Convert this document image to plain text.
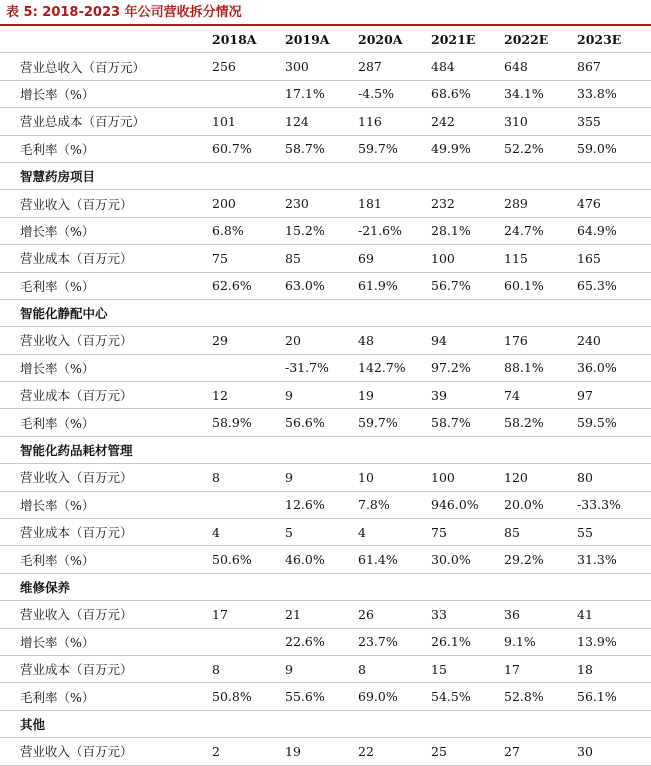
表 5: 2018-2023 年公司营收拆分情况
	2018A	2019A	2020A	2021E	2022E	2023E
营业总收入（百万元）	256	300	287	484	648	867
增长率（%）		17.1%	-4.5%	68.6%	34.1%	33.8%
营业总成本（百万元）	101	124	116	242	310	355
毛利率（%）	60.7%	58.7%	59.7%	49.9%	52.2%	59.0%
智慧药房项目						
营业收入（百万元）	200	230	181	232	289	476
增长率（%）	6.8%	15.2%	-21.6%	28.1%	24.7%	64.9%
营业成本（百万元）	75	85	69	100	115	165
毛利率（%）	62.6%	63.0%	61.9%	56.7%	60.1%	65.3%
智能化静配中心						
营业收入（百万元）	29	20	48	94	176	240
增长率（%）		-31.7%	142.7%	97.2%	88.1%	36.0%
营业成本（百万元）	12	9	19	39	74	97
毛利率（%）	58.9%	56.6%	59.7%	58.7%	58.2%	59.5%
智能化药品耗材管理						
营业收入（百万元）	8	9	10	100	120	80
增长率（%）		12.6%	7.8%	946.0%	20.0%	-33.3%
营业成本（百万元）	4	5	4	75	85	55
毛利率（%）	50.6%	46.0%	61.4%	30.0%	29.2%	31.3%
维修保养						
营业收入（百万元）	17	21	26	33	36	41
增长率（%）		22.6%	23.7%	26.1%	9.1%	13.9%
营业成本（百万元）	8	9	8	15	17	18
毛利率（%）	50.8%	55.6%	69.0%	54.5%	52.8%	56.1%
其他						
营业收入（百万元）	2	19	22	25	27	30
